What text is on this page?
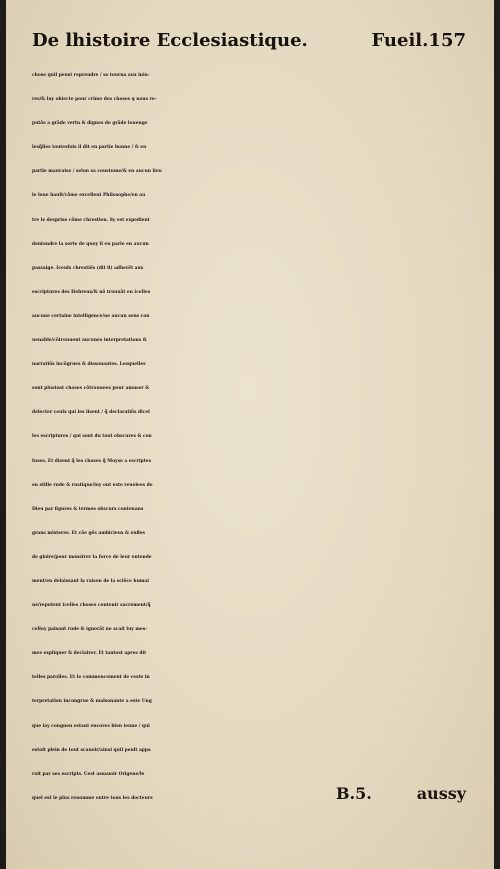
De lhistoire Ecclesiastique.	Fueil.157
chose quil peust reprendre / se tourna aux iniu-
res/& luy obiecte pour crime des choses q nous re-
putõs a grãde vertu & dignes de grãde louenge
lesq̃lles toutesfois il dit en partie bonne / & en
partie mauvaise / selon sa coustume/& en aucun lieu
le loue hault/cõme excellent Philosophe/en au
tre le desprise cõme chrestien. Sy est expedient
dentendre la sorte de quoy il en parle en aucun
passaige. Iceulx chrestiẽs (dit il) adherẽt aux
escriptures des Hebreux/& nõ trouuãt en icelles
aucune certaine intelligence/ne aucun sens con
uenable/cõtrouuent aucunes interpretations &
narratiõs incõgrues & dissonantes. Lesquelles
sont plustost choses cõtrouuees pour amuser &
delecter ceulx qui les lisent / q̃ declaratiõs dicel
les escriptures / qui sont du tout obscures & con
fuses. Et disent q̃ les choses q̃ Moyse a escriptes
en stille rude & rustique/luy ont este reuelees de
Dieu par figures & termes obscurs contenans
grans misteres. Et cõe gẽs ambicieux & enfles
de gloire/pour monstrer la force de leur entende
ment/en delaissant la raison de la sciẽce humai
ne/reputent icelles choses contenir sacrement/q̃
celluy paisant rude & ignorãt ne scait luy mes-
mes expliquer & declairer. Et tantost apres dit
telles parolles. Et le commencement de ceste in
terpretation incongrue & malsonante a este Ung
que iay congneu estant encores bien ieune / qui
estoit plein de tout scauoir/ainsi quil peult appa
roit par ses escripts. Cest assauoir Origene/le
quel est le plus renomme entre tous les docteurs	B.5.	aussy
